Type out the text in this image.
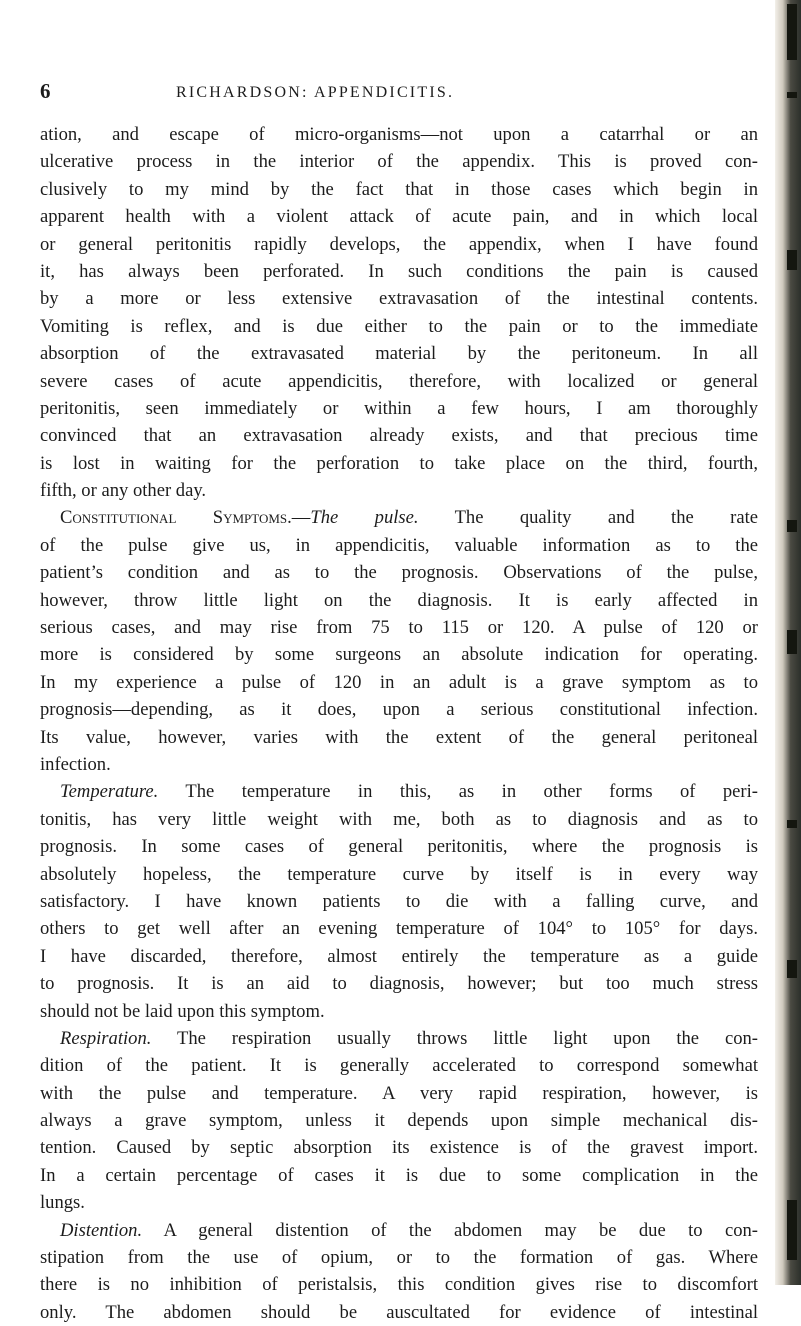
6	RICHARDSON: APPENDICITIS.
ation, and escape of micro-organisms—not upon a catarrhal or an
ulcerative process in the interior of the appendix. This is proved con-
clusively to my mind by the fact that in those cases which begin in
apparent health with a violent attack of acute pain, and in which local
or general peritonitis rapidly develops, the appendix, when I have found
it, has always been perforated. In such conditions the pain is caused
by a more or less extensive extravasation of the intestinal contents.
Vomiting is reflex, and is due either to the pain or to the immediate
absorption of the extravasated material by the peritoneum. In all
severe cases of acute appendicitis, therefore, with localized or general
peritonitis, seen immediately or within a few hours, I am thoroughly
convinced that an extravasation already exists, and that precious time
is lost in waiting for the perforation to take place on the third, fourth,
fifth, or any other day.
Constitutional Symptoms.—The pulse. The quality and the rate
of the pulse give us, in appendicitis, valuable information as to the
patient’s condition and as to the prognosis. Observations of the pulse,
however, throw little light on the diagnosis. It is early affected in
serious cases, and may rise from 75 to 115 or 120. A pulse of 120 or
more is considered by some surgeons an absolute indication for operating.
In my experience a pulse of 120 in an adult is a grave symptom as to
prognosis—depending, as it does, upon a serious constitutional infection.
Its value, however, varies with the extent of the general peritoneal
infection.
Temperature. The temperature in this, as in other forms of peri-
tonitis, has very little weight with me, both as to diagnosis and as to
prognosis. In some cases of general peritonitis, where the prognosis is
absolutely hopeless, the temperature curve by itself is in every way
satisfactory. I have known patients to die with a falling curve, and
others to get well after an evening temperature of 104° to 105° for days.
I have discarded, therefore, almost entirely the temperature as a guide
to prognosis. It is an aid to diagnosis, however; but too much stress
should not be laid upon this symptom.
Respiration. The respiration usually throws little light upon the con-
dition of the patient. It is generally accelerated to correspond somewhat
with the pulse and temperature. A very rapid respiration, however, is
always a grave symptom, unless it depends upon simple mechanical dis-
tention. Caused by septic absorption its existence is of the gravest import.
In a certain percentage of cases it is due to some complication in the
lungs.
Distention. A general distention of the abdomen may be due to con-
stipation from the use of opium, or to the formation of gas. Where
there is no inhibition of peristalsis, this condition gives rise to discomfort
only. The abdomen should be auscultated for evidence of intestinal
